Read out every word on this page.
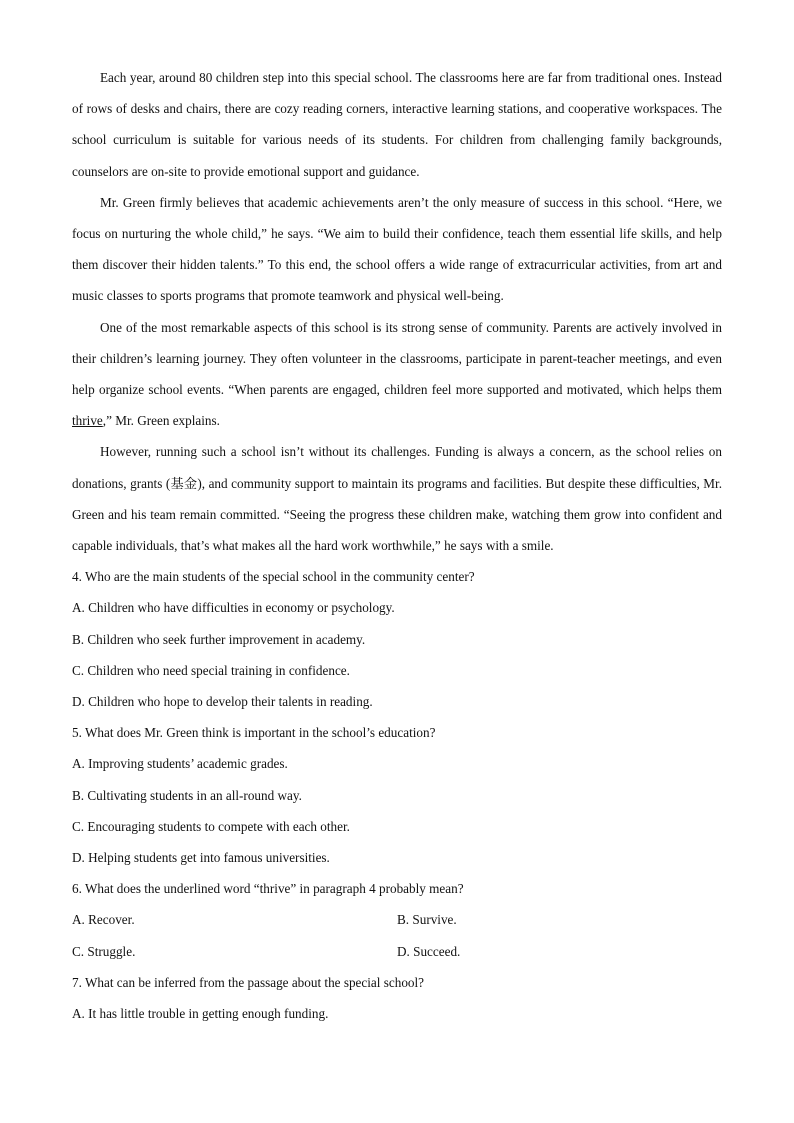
Each year, around 80 children step into this special school. The classrooms here are far from traditional ones. Instead of rows of desks and chairs, there are cozy reading corners, interactive learning stations, and cooperative workspaces. The school curriculum is suitable for various needs of its students. For children from challenging family backgrounds, counselors are on-site to provide emotional support and guidance.

Mr. Green firmly believes that academic achievements aren’t the only measure of success in this school. “Here, we focus on nurturing the whole child,” he says. “We aim to build their confidence, teach them essential life skills, and help them discover their hidden talents.” To this end, the school offers a wide range of extracurricular activities, from art and music classes to sports programs that promote teamwork and physical well-being.

One of the most remarkable aspects of this school is its strong sense of community. Parents are actively involved in their children’s learning journey. They often volunteer in the classrooms, participate in parent-teacher meetings, and even help organize school events. “When parents are engaged, children feel more supported and motivated, which helps them thrive,” Mr. Green explains.

However, running such a school isn’t without its challenges. Funding is always a concern, as the school relies on donations, grants (基金), and community support to maintain its programs and facilities. But despite these difficulties, Mr. Green and his team remain committed. “Seeing the progress these children make, watching them grow into confident and capable individuals, that’s what makes all the hard work worthwhile,” he says with a smile.

4. Who are the main students of the special school in the community center?

A. Children who have difficulties in economy or psychology.

B. Children who seek further improvement in academy.

C. Children who need special training in confidence.

D. Children who hope to develop their talents in reading.

5. What does Mr. Green think is important in the school’s education?

A. Improving students’ academic grades.

B. Cultivating students in an all-round way.

C. Encouraging students to compete with each other.

D. Helping students get into famous universities.

6. What does the underlined word “thrive” in paragraph 4 probably mean?

A. Recover.	B. Survive.
C. Struggle.	D. Succeed.

7. What can be inferred from the passage about the special school?

A. It has little trouble in getting enough funding.
